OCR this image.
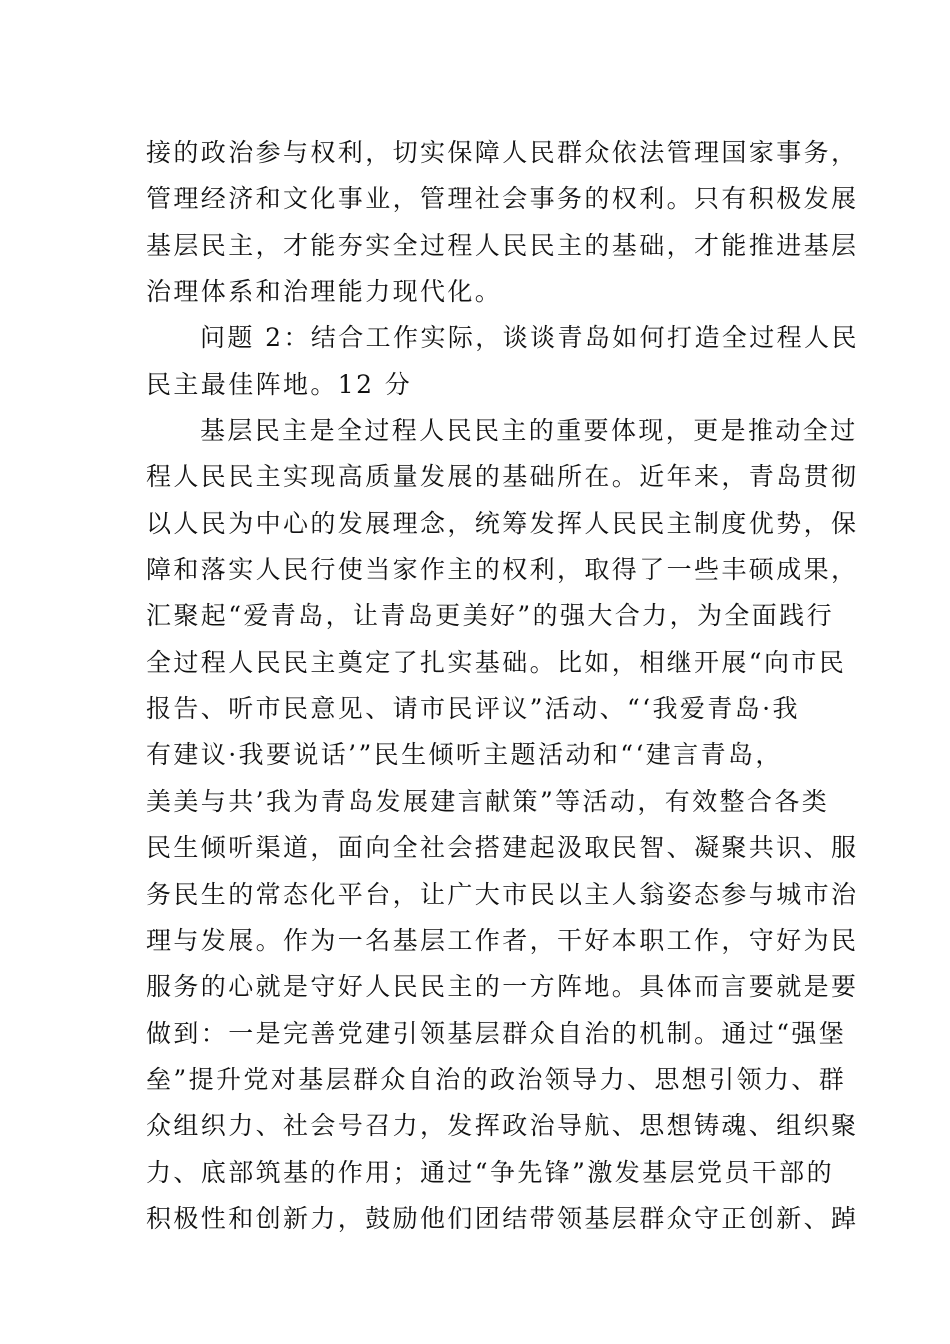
接的政治参与权利，切实保障人民群众依法管理国家事务，
管理经济和文化事业，管理社会事务的权利。只有积极发展
基层民主，才能夯实全过程人民民主的基础，才能推进基层
治理体系和治理能力现代化。
问题 2：结合工作实际，谈谈青岛如何打造全过程人民
民主最佳阵地。12 分
基层民主是全过程人民民主的重要体现，更是推动全过
程人民民主实现高质量发展的基础所在。近年来，青岛贯彻
以人民为中心的发展理念，统筹发挥人民民主制度优势，保
障和落实人民行使当家作主的权利，取得了一些丰硕成果，
汇聚起“爱青岛，让青岛更美好”的强大合力，为全面践行
全过程人民民主奠定了扎实基础。比如，相继开展“向市民
报告、听市民意见、请市民评议”活动、“‘我爱青岛·我
有建议·我要说话’”民生倾听主题活动和“‘建言青岛，
美美与共’我为青岛发展建言献策”等活动，有效整合各类
民生倾听渠道，面向全社会搭建起汲取民智、凝聚共识、服
务民生的常态化平台，让广大市民以主人翁姿态参与城市治
理与发展。作为一名基层工作者，干好本职工作，守好为民
服务的心就是守好人民民主的一方阵地。具体而言要就是要
做到：一是完善党建引领基层群众自治的机制。通过“强堡
垒”提升党对基层群众自治的政治领导力、思想引领力、群
众组织力、社会号召力，发挥政治导航、思想铸魂、组织聚
力、底部筑基的作用；通过“争先锋”激发基层党员干部的
积极性和创新力，鼓励他们团结带领基层群众守正创新、踔
